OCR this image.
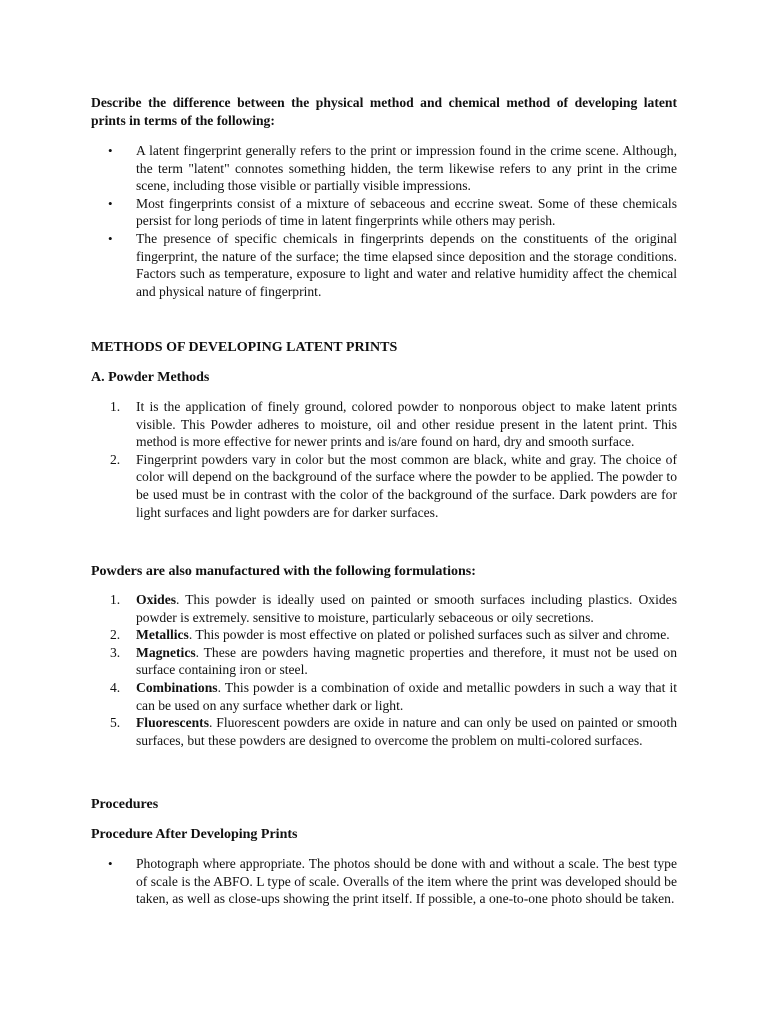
Describe the difference between the physical method and chemical method of developing latent prints in terms of the following:
• A latent fingerprint generally refers to the print or impression found in the crime scene. Although, the term "latent" connotes something hidden, the term likewise refers to any print in the crime scene, including those visible or partially visible impressions.
• Most fingerprints consist of a mixture of sebaceous and eccrine sweat. Some of these chemicals persist for long periods of time in latent fingerprints while others may perish.
• The presence of specific chemicals in fingerprints depends on the constituents of the original fingerprint, the nature of the surface; the time elapsed since deposition and the storage conditions. Factors such as temperature, exposure to light and water and relative humidity affect the chemical and physical nature of fingerprint.
METHODS OF DEVELOPING LATENT PRINTS
A. Powder Methods
1.	It is the application of finely ground, colored powder to nonporous object to make latent prints visible. This Powder adheres to moisture, oil and other residue present in the latent print. This method is more effective for newer prints and is/are found on hard, dry and smooth surface.
2.	Fingerprint powders vary in color but the most common are black, white and gray. The choice of color will depend on the background of the surface where the powder to be applied. The powder to be used must be in contrast with the color of the background of the surface. Dark powders are for light surfaces and light powders are for darker surfaces.
Powders are also manufactured with the following formulations:
1.	Oxides. This powder is ideally used on painted or smooth surfaces including plastics. Oxides powder is extremely. sensitive to moisture, particularly sebaceous or oily secretions.
2.	Metallics. This powder is most effective on plated or polished surfaces such as silver and chrome.
3.	Magnetics. These are powders having magnetic properties and therefore, it must not be used on surface containing iron or steel.
4.	Combinations. This powder is a combination of oxide and metallic powders in such a way that it can be used on any surface whether dark or light.
5.	Fluorescents. Fluorescent powders are oxide in nature and can only be used on painted or smooth surfaces, but these powders are designed to overcome the problem on multi-colored surfaces.
Procedures
Procedure After Developing Prints
• Photograph where appropriate. The photos should be done with and without a scale. The best type of scale is the ABFO. L type of scale. Overalls of the item where the print was developed should be taken, as well as close-ups showing the print itself. If possible, a one-to-one photo should be taken.
